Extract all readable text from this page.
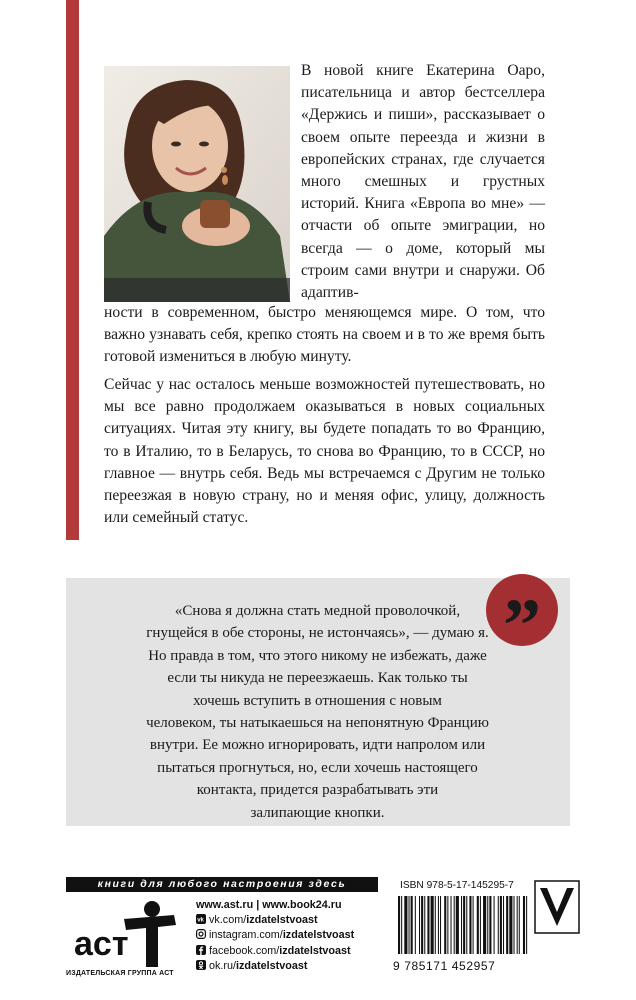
В новой книге Екатерина Оаро, писательница и автор бестселлера «Держись и пиши», рассказывает о своем опыте переезда и жизни в европейских странах, где случается много смешных и грустных историй. Книга «Европа во мне» — отчасти об опыте эмиграции, но всегда — о доме, который мы строим сами внутри и снаружи. Об адаптив-

ности в современном, быстро меняющемся мире. О том, что важно узнавать себя, крепко стоять на своем и в то же время быть готовой измениться в любую минуту.

Сейчас у нас осталось меньше возможностей путешествовать, но мы все равно продолжаем оказываться в новых социальных ситуациях. Читая эту книгу, вы будете попадать то во Францию, то в Италию, то в Беларусь, то снова во Францию, то в СССР, но главное — внутрь себя. Ведь мы встречаемся с Другим не только переезжая в новую страну, но и меняя офис, улицу, должность или семейный статус.

”

«Снова я должна стать медной проволочкой,
гнущейся в обе стороны, не истончаясь», — думаю я.
Но правда в том, что этого никому не избежать, даже
если ты никуда не переезжаешь. Как только ты
хочешь вступить в отношения с новым
человеком, ты натыкаешься на непонятную Францию
внутри. Ее можно игнорировать, идти напролом или
пытаться прогнуться, но, если хочешь настоящего
контакта, придется разрабатывать эти
залипающие кнопки.

книги для любого настроения здесь
аст
ИЗДАТЕЛЬСКАЯ ГРУППА АСТ
www.ast.ru | www.book24.ru
vk vk.com/izdatelstvoast
instagram.com/izdatelstvoast
facebook.com/izdatelstvoast
ok.ru/izdatelstvoast
ISBN 978-5-17-145295-7
9 785171 452957
